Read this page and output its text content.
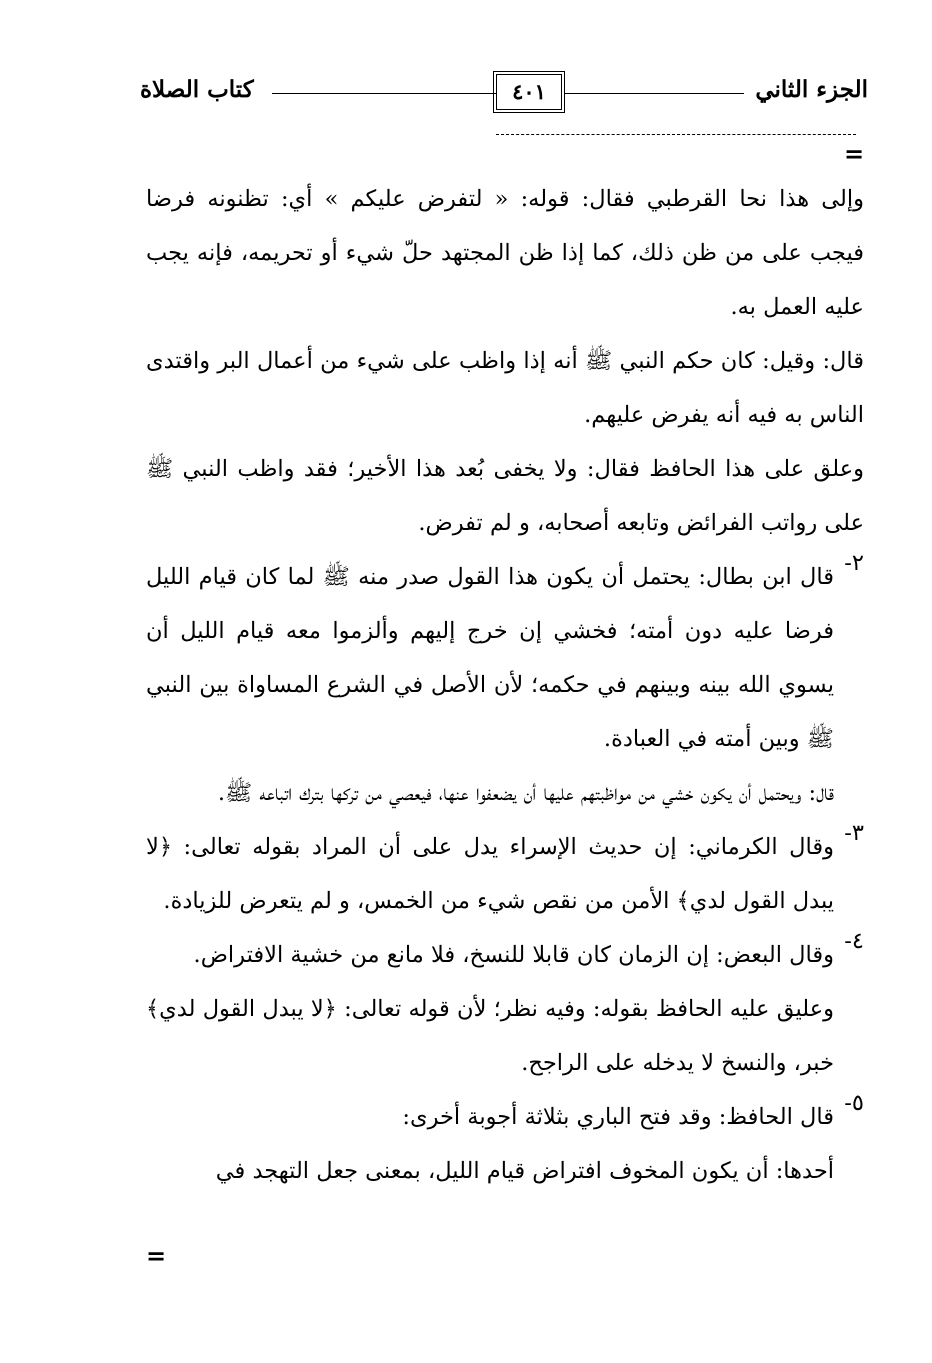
كتاب الصلاة	٤٠١	الجزء الثاني
=

وإلى هذا نحا القرطبي فقال: قوله: « لتفرض عليكم » أي: تظنونه فرضا فيجب على من ظن ذلك، كما إذا ظن المجتهد حلّ شيء أو تحريمه، فإنه يجب عليه العمل به.

قال: وقيل: كان حكم النبي ﷺ أنه إذا واظب على شيء من أعمال البر واقتدى الناس به فيه أنه يفرض عليهم.

وعلق على هذا الحافظ فقال: ولا يخفى بُعد هذا الأخير؛ فقد واظب النبي ﷺ على رواتب الفرائض وتابعه أصحابه، و لم تفرض.

٢-

قال ابن بطال: يحتمل أن يكون هذا القول صدر منه ﷺ لما كان قيام الليل فرضا عليه دون أمته؛ فخشي إن خرج إليهم وألزموا معه قيام الليل أن يسوي الله بينه وبينهم في حكمه؛ لأن الأصل في الشرع المساواة بين النبي ﷺ وبين أمته في العبادة.

قال: ويحتمل أن يكون خشي من مواظبتهم عليها أن يضعفوا عنها، فيعصي من تركها بترك اتباعه ﷺ.

٣-

وقال الكرماني: إن حديث الإسراء يدل على أن المراد بقوله تعالى: ﴿لا يبدل القول لدي﴾ الأمن من نقص شيء من الخمس، و لم يتعرض للزيادة.

٤-

وقال البعض: إن الزمان كان قابلا للنسخ، فلا مانع من خشية الافتراض.

وعليق عليه الحافظ بقوله: وفيه نظر؛ لأن قوله تعالى: ﴿لا يبدل القول لدي﴾ خبر، والنسخ لا يدخله على الراجح.

٥-

قال الحافظ: وقد فتح الباري بثلاثة أجوبة أخرى:

أحدها: أن يكون المخوف افتراض قيام الليل، بمعنى جعل التهجد في

=
